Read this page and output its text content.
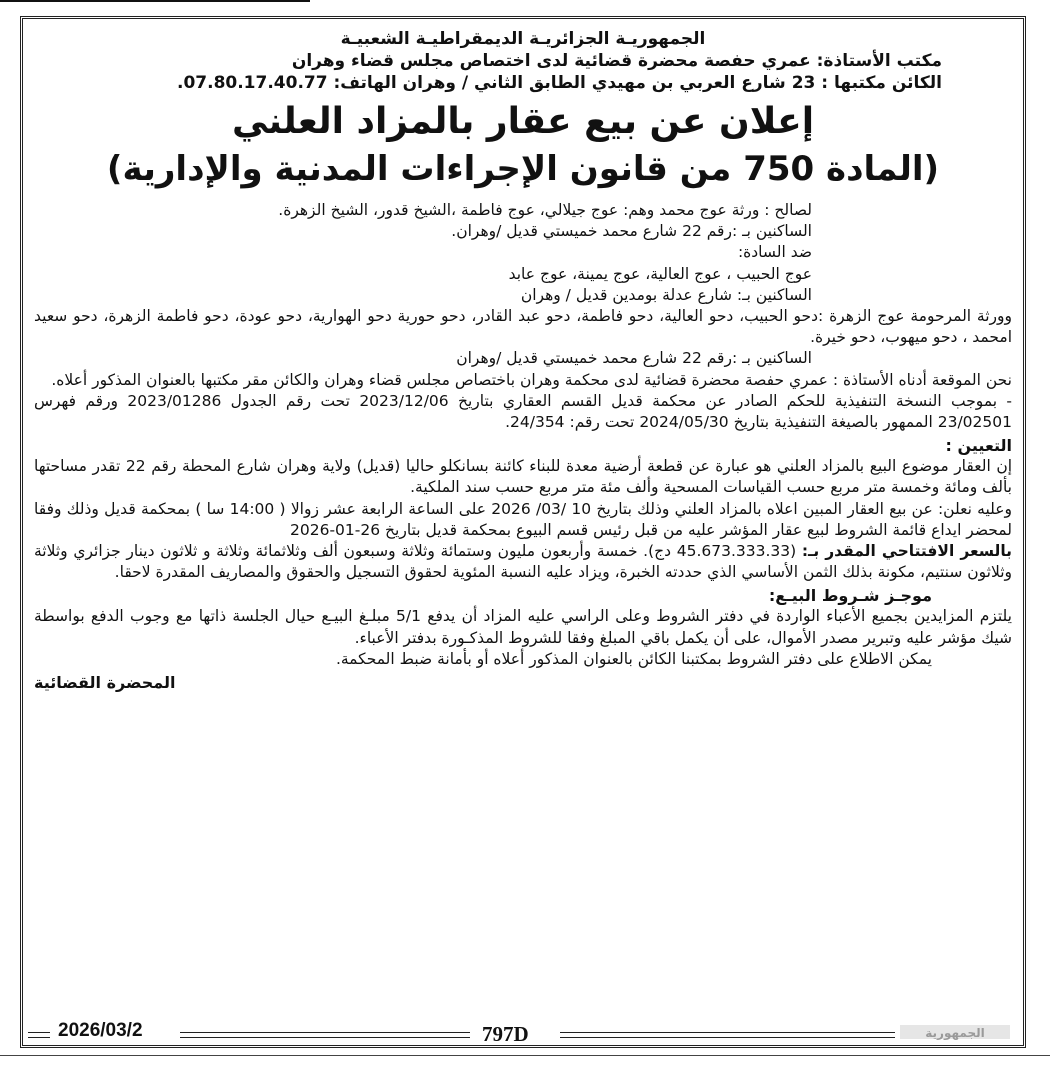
الجمهوريـة الجزائريـة الديمقراطيـة الشعبيـة

مكتب الأستاذة: عمري حفصة محضرة قضائية لدى اختصاص مجلس قضاء وهران

الكائن مكتبها : 23 شارع العربي بن مهيدي الطابق الثاني / وهران الهاتف: 07.80.17.40.77.

إعلان عن بيع عقار بالمزاد العلني
(المادة 750 من قانون الإجراءات المدنية والإدارية)

لصالح : ورثة عوج محمد وهم: عوج جيلالي، عوج فاطمة ،الشيخ قدور، الشيخ الزهرة.

الساكنين بـ :رقم 22 شارع محمد خميستي قديل /وهران.

ضد السادة:

عوج الحبيب ، عوج العالية، عوج يمينة، عوج عابد

الساكنين بـ: شارع عدلة بومدين قديل / وهران

وورثة المرحومة عوج الزهرة :دحو الحبيب، دحو العالية، دحو فاطمة، دحو عبد القادر، دحو حورية دحو الهوارية، دحو عودة، دحو فاطمة الزهرة، دحو سعيد امحمد ، دحو ميهوب، دحو خيرة.

الساكنين بـ :رقم 22 شارع محمد خميستي قديل /وهران

نحن الموقعة أدناه الأستاذة : عمري حفصة محضرة قضائية لدى محكمة وهران باختصاص مجلس قضاء وهران والكائن مقر مكتبها بالعنوان المذكور أعلاه.

- بموجب النسخة التنفيذية للحكم الصادر عن محكمة قديل القسم العقاري بتاريخ 2023/12/06 تحت رقم الجدول 2023/01286 ورقم فهرس 23/02501 الممهور بالصيغة التنفيذية بتاريخ 2024/05/30 تحت رقم: 24/354.

التعيين :

إن العقار موضوع البيع بالمزاد العلني هو عبارة عن قطعة أرضية معدة للبناء كائنة بسانكلو حاليا (قديل) ولاية وهران شارع المحطة رقم 22 تقدر مساحتها بألف ومائة وخمسة متر مربع حسب القياسات المسحية وألف مئة متر مربع حسب سند الملكية.

وعليه نعلن: عن بيع العقار المبين اعلاه بالمزاد العلني وذلك بتاريخ 10 /03/ 2026 على الساعة الرابعة عشر زوالا ( 14:00 سا ) بمحكمة قديل وذلك وفقا لمحضر ايداع قائمة الشروط لبيع عقار المؤشر عليه من قبل رئيس قسم البيوع بمحكمة قديل بتاريخ 26-01-2026

بالسعر الافتتاحي المقدر بـ: (45.673.333.33 دج). خمسة وأربعون مليون وستمائة وثلاثة وسبعون ألف وثلاثمائة وثلاثة و ثلاثون دينار جزائري وثلاثة وثلاثون سنتيم، مكونة بذلك الثمن الأساسي الذي حددته الخبرة، ويزاد عليه النسبة المئوية لحقوق التسجيل والحقوق والمصاريف المقدرة لاحقا.

موجـز شـروط البيـع:

يلتزم المزايدين بجميع الأعباء الواردة في دفتر الشروط وعلى الراسي عليه المزاد أن يدفع 5/1 مبلـغ البيـع حيال الجلسة ذاتها مع وجوب الدفع بواسطة شيك مؤشر عليه وتبرير مصدر الأموال، على أن يكمل باقي المبلغ وفقا للشروط المذكـورة بدفتر الأعباء.

يمكن الاطلاع على دفتر الشروط بمكتبنا الكائن بالعنوان المذكور أعلاه أو بأمانة ضبط المحكمة.

المحضرة القضائية

2026/03/2	797D	الجمهورية
